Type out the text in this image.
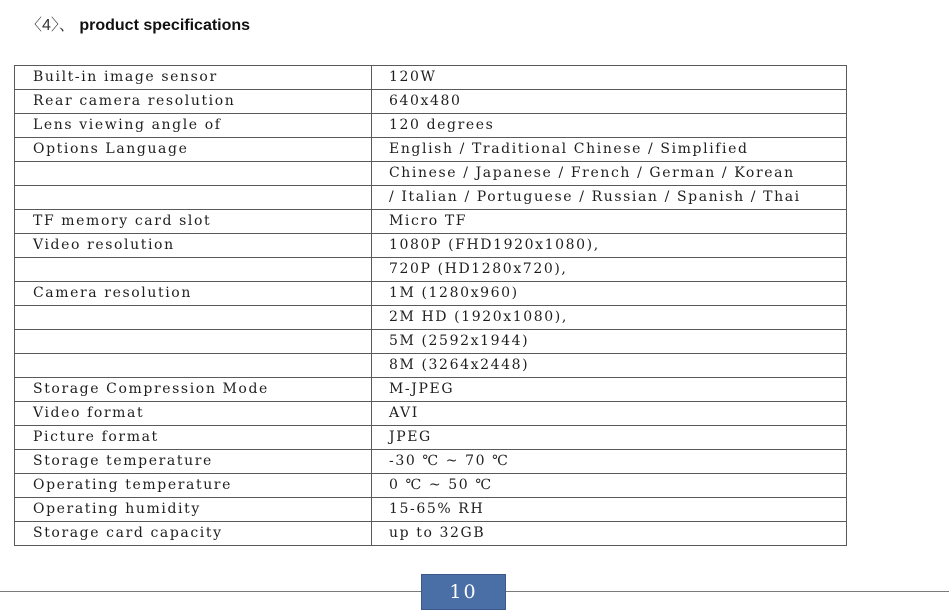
〈4〉、 product specifications
Built-in image sensor	120W
Rear camera resolution	640x480
Lens viewing angle of	120 degrees
Options Language	English / Traditional Chinese / Simplified
	Chinese / Japanese / French / German / Korean
	/ Italian / Portuguese / Russian / Spanish / Thai
TF memory card slot	Micro TF
Video resolution	1080P (FHD1920x1080),
	720P (HD1280x720),
Camera resolution	1M (1280x960)
	2M HD (1920x1080),
	5M (2592x1944)
	8M (3264x2448)
Storage Compression Mode	M-JPEG
Video format	AVI
Picture format	JPEG
Storage temperature	-30 ℃ ~ 70 ℃
Operating temperature	0 ℃ ~ 50 ℃
Operating humidity	15-65% RH
Storage card capacity	up to 32GB
10
